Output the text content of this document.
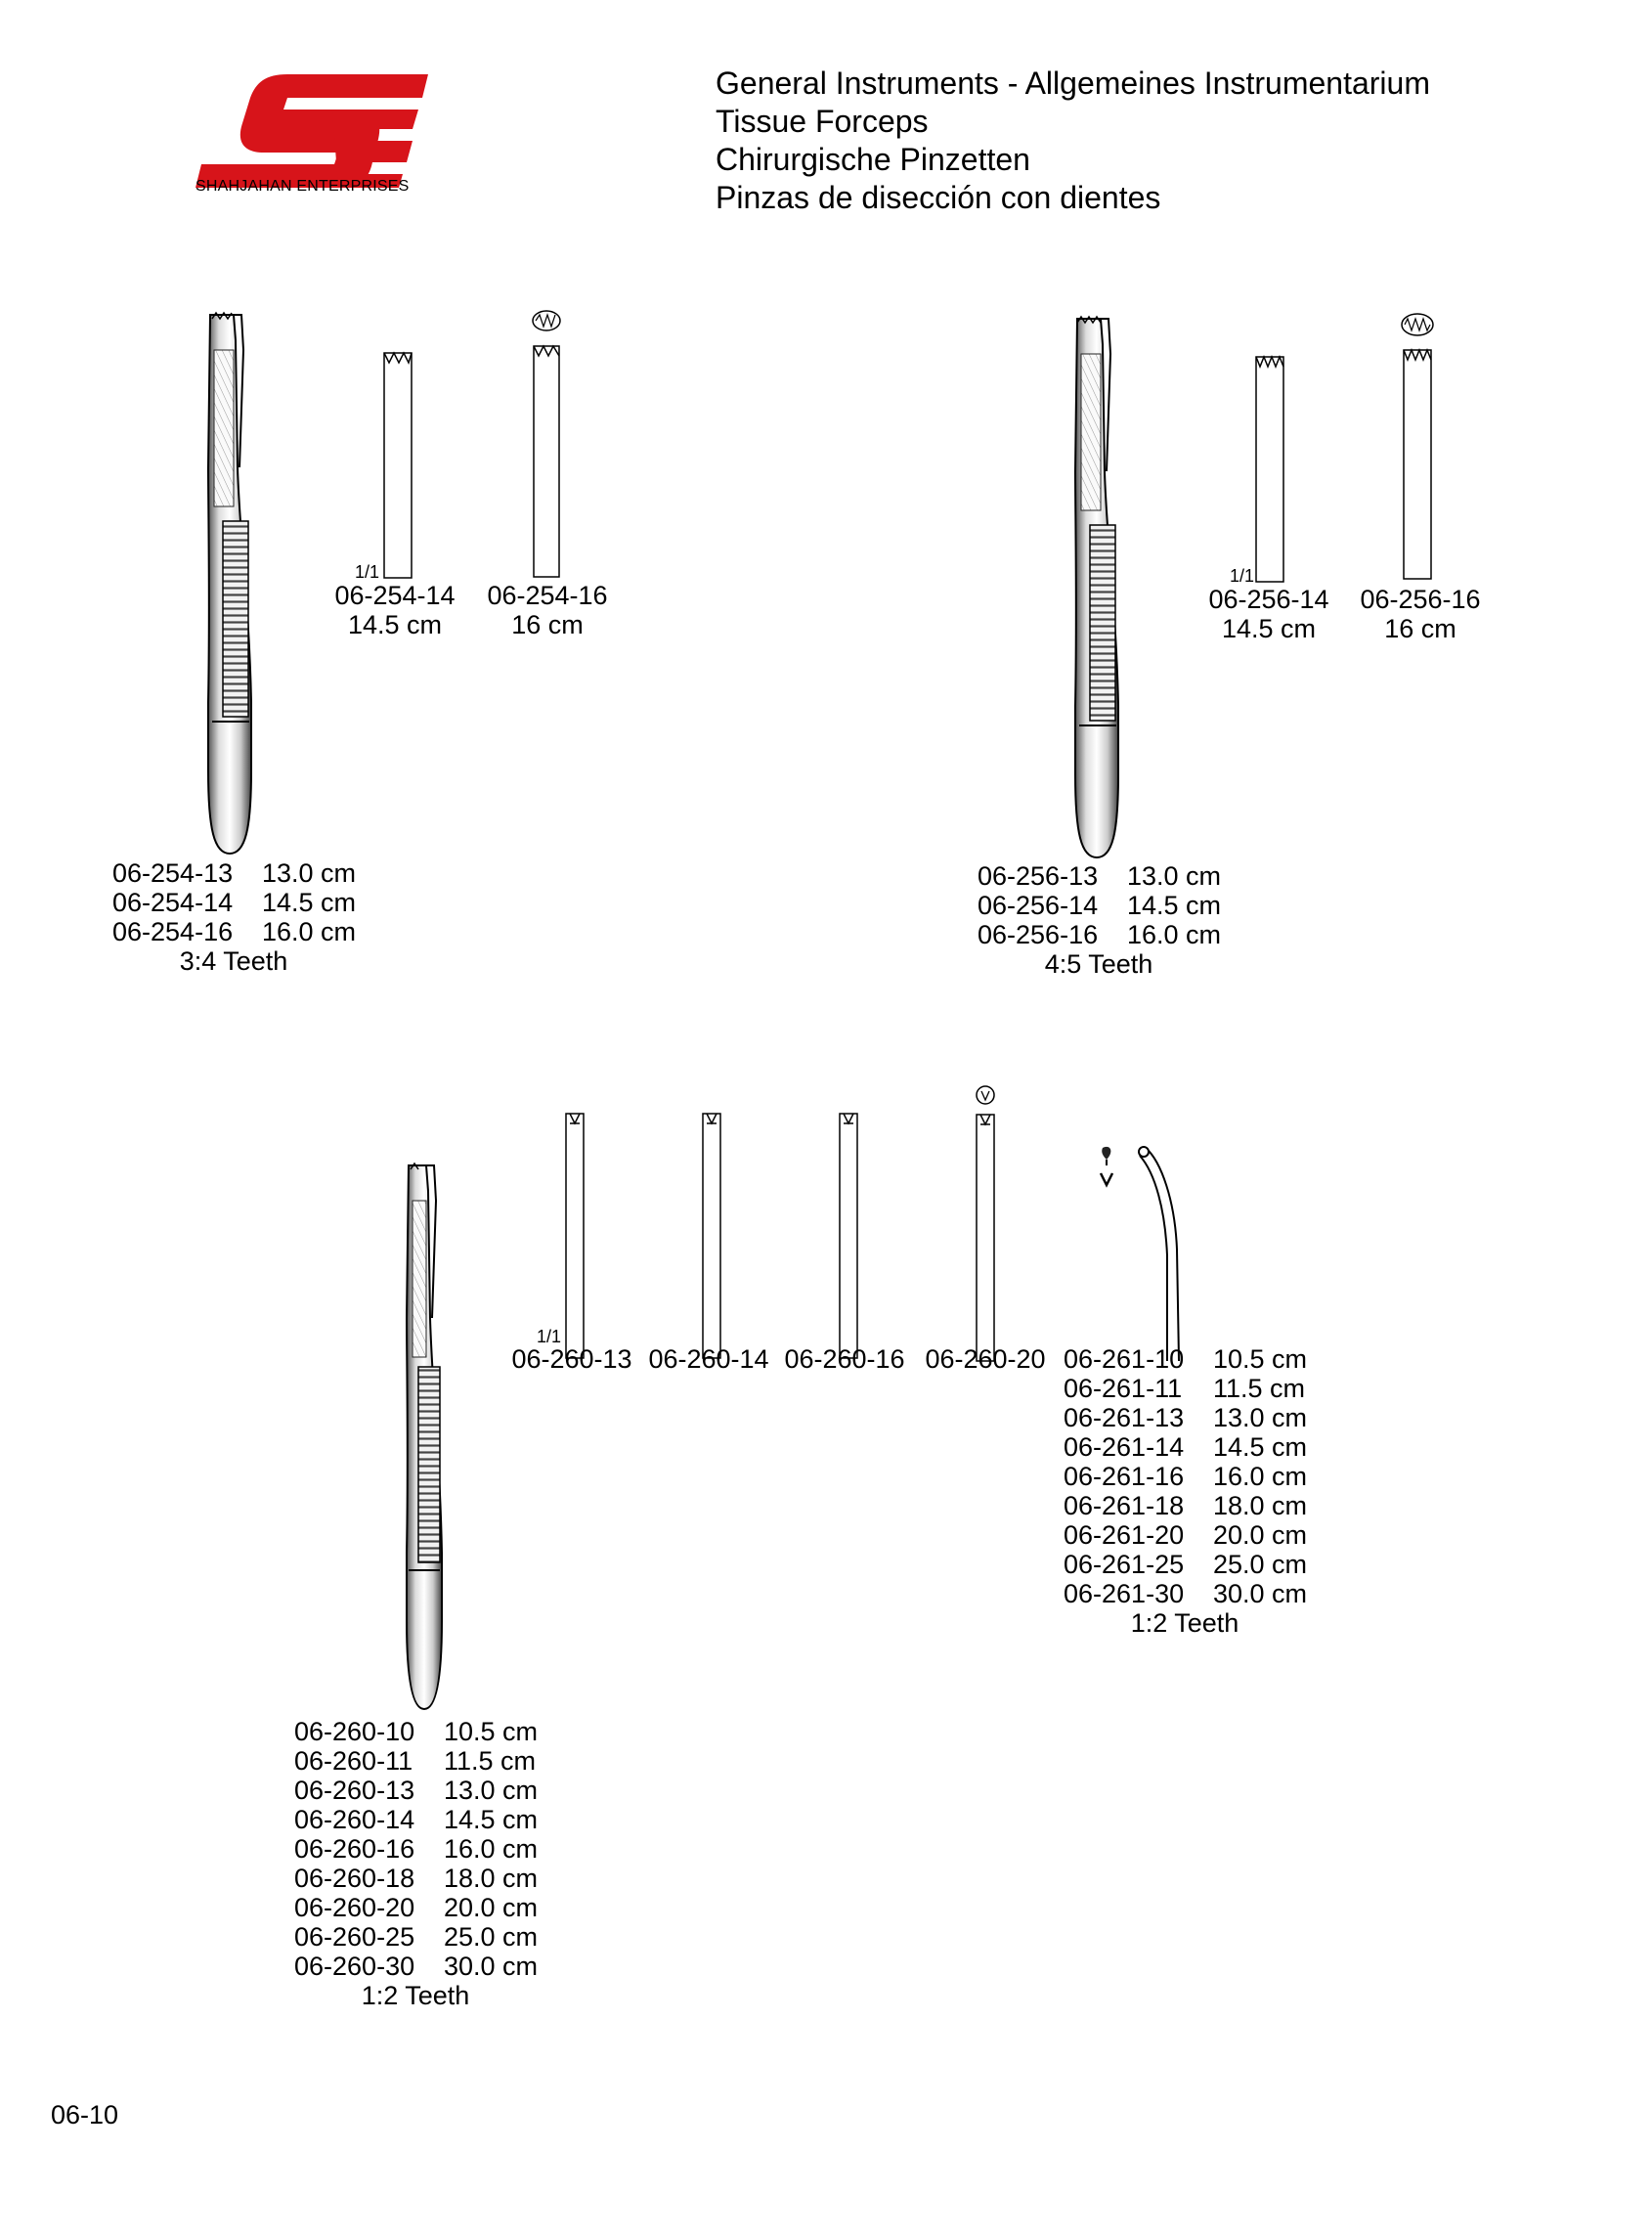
SHAHJAHAN ENTERPRISES
General Instruments - Allgemeines Instrumentarium
Tissue Forceps
Chirurgische Pinzetten
Pinzas de disección con dientes
1/1
06-254-14
14.5 cm
06-254-16
16 cm
06-254-13	13.0 cm
06-254-14	14.5 cm
06-254-16	16.0 cm
3:4 Teeth
1/1
06-256-14
14.5 cm
06-256-16
16 cm
06-256-13	13.0 cm
06-256-14	14.5 cm
06-256-16	16.0 cm
4:5 Teeth
1/1
06-260-13 06-260-14 06-260-16 06-260-20
06-260-10	10.5 cm
06-260-11	11.5 cm
06-260-13	13.0 cm
06-260-14	14.5 cm
06-260-16	16.0 cm
06-260-18	18.0 cm
06-260-20	20.0 cm
06-260-25	25.0 cm
06-260-30	30.0 cm
1:2 Teeth
06-261-10	10.5 cm
06-261-11	11.5 cm
06-261-13	13.0 cm
06-261-14	14.5 cm
06-261-16	16.0 cm
06-261-18	18.0 cm
06-261-20	20.0 cm
06-261-25	25.0 cm
06-261-30	30.0 cm
1:2 Teeth
06-10
